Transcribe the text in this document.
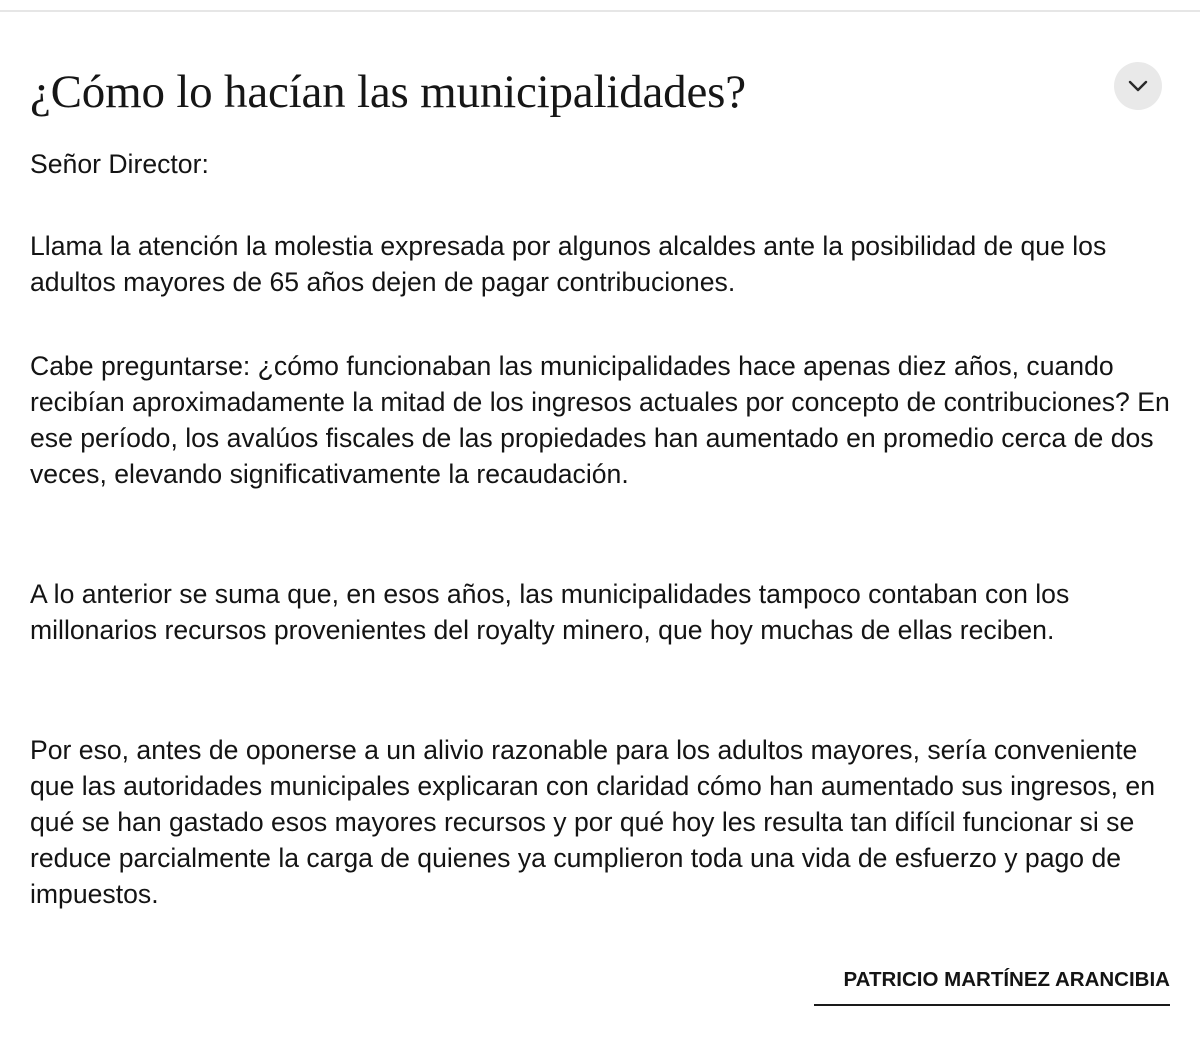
¿Cómo lo hacían las municipalidades?

Señor Director:

Llama la atención la molestia expresada por algunos alcaldes ante la posibilidad de que los adultos mayores de 65 años dejen de pagar contribuciones.

Cabe preguntarse: ¿cómo funcionaban las municipalidades hace apenas diez años, cuando recibían aproximadamente la mitad de los ingresos actuales por concepto de contribuciones? En ese período, los avalúos fiscales de las propiedades han aumentado en promedio cerca de dos veces, elevando significativamente la recaudación.

A lo anterior se suma que, en esos años, las municipalidades tampoco contaban con los millonarios recursos provenientes del royalty minero, que hoy muchas de ellas reciben.

Por eso, antes de oponerse a un alivio razonable para los adultos mayores, sería conveniente que las autoridades municipales explicaran con claridad cómo han aumentado sus ingresos, en qué se han gastado esos mayores recursos y por qué hoy les resulta tan difícil funcionar si se reduce parcialmente la carga de quienes ya cumplieron toda una vida de esfuerzo y pago de impuestos.

PATRICIO MARTÍNEZ ARANCIBIA
